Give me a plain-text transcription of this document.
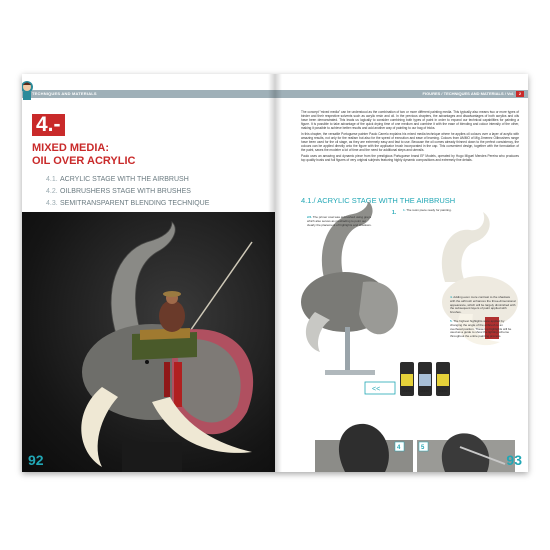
TECHNIQUES AND MATERIALS
4.-
MIXED MEDIA:
OIL OVER ACRYLIC
4.1. ACRYLIC STAGE WITH THE AIRBRUSH
4.2. OILBRUSHERS STAGE WITH BRUSHES
4.3. SEMITRANSPARENT BLENDING TECHNIQUE
92
FIGURES / TECHNIQUES AND MATERIALS / Vol.	2

The concept "mixed media" can be understood as the combination of two or more different painting media. This typically also means two or more types of binder and their respective solvents such as acrylic resin and oil. In the previous chapters, the advantages and disadvantages of both acrylics and oils have been demonstrated. This leads us logically to consider combining both types of paint in order to expand our technical capabilities for painting a figure. It is possible to take advantage of the quick drying time of one medium and combine it with the ease of blending and colour intensity of the other, making it possible to achieve better results and add another way of painting to our bag of tricks.

In this chapter, the versatile Portuguese painter Paulo Carrelo explains his mixed media technique where he applies oil colours over a layer of acrylic with amazing results, not only for the realism but also for the speed of execution and ease of learning. Colours from AMMO of Mig Jimenez Oilbrushers range have been used for the oil stage, as they are extremely easy and fast to use. Because the oil comes already thinned down to the perfect consistency, the colours can be applied directly onto the figure with the applicator brush incorporated in the cap. This convenient design, together with the formulation of the paint, saves the modeler a lot of time and the need for additional steps and utensils.

Paulo uses an amazing and dynamic piece from the prestigious Portuguese brand EF Models, operated by Hugo Miguel Mendes Pereira who produces top quality busts and full figures of very original subjects featuring highly dynamic compositions and extremely fine details.

4.1./ ACRYLIC STAGE WITH THE AIRBRUSH
1.
<<	AMMO	AMMO	AMMO
4	5
1. The resin piece ready for painting.
2/3. The primer coat was airbrushed using greys which also serves as preshading to point out clearly the placement of highlights and shadows.
4. Adding even more contrast to the shadows with the airbrush enhances the three-dimensional appearance, which will be largely diminished with the subsequent layers of paint applied with brushes.
5. The highest highlights were applied by changing the angle of the airbrush to an overhead position. These top highlights will be used as a guide to show the lighting scheme throughout the entire painting process.
93
